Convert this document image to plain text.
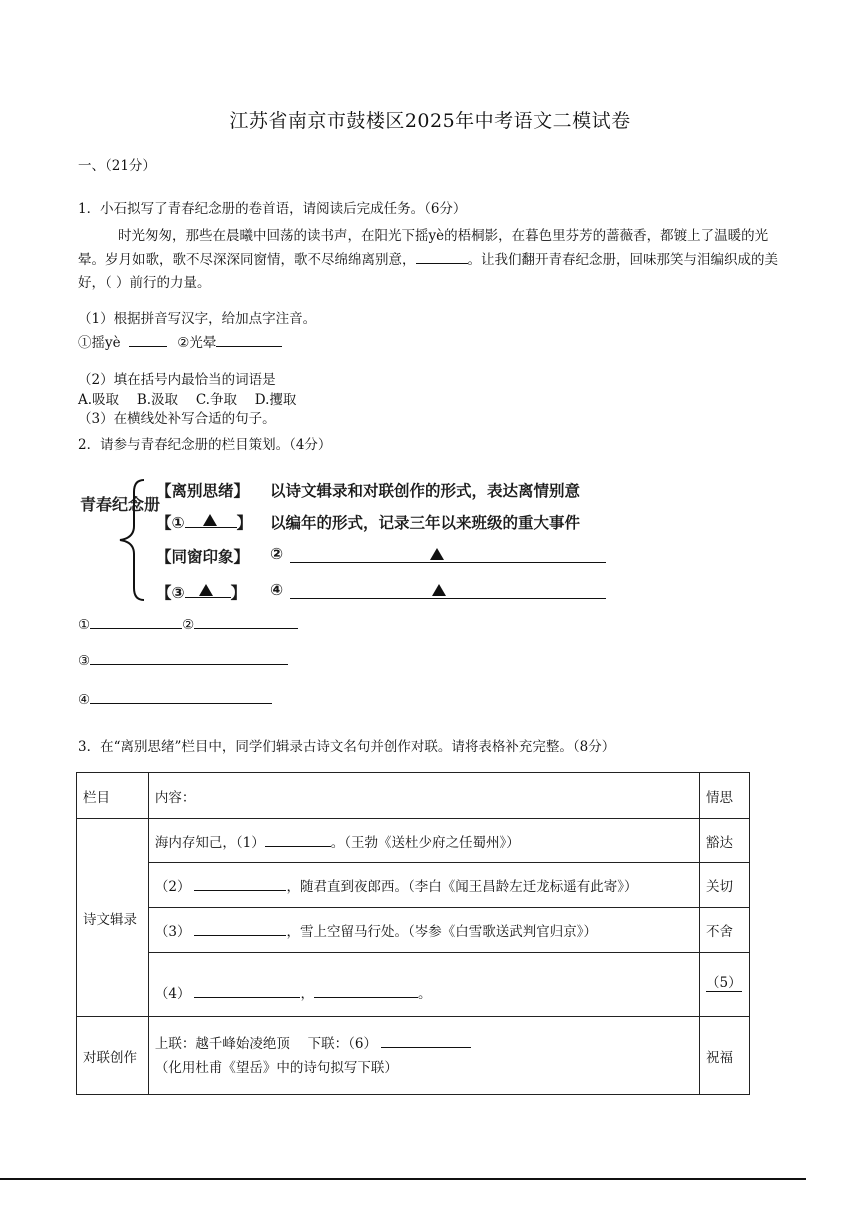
江苏省南京市鼓楼区2025年中考语文二模试卷
一、（21分）
1．小石拟写了青春纪念册的卷首语，请阅读后完成任务。（6分）
时光匆匆，那些在晨曦中回荡的读书声，在阳光下摇yè的梧桐影，在暮色里芬芳的蔷薇香，都镀上了温暖的光晕。岁月如歌，歌不尽深深同窗情，歌不尽绵绵离别意，	。让我们翻开青春纪念册，回味那笑与泪编织成的美好，（ ）前行的力量。
（1）根据拼音写汉字，给加点字注音。
①摇yè	②光晕
（2）填在括号内最恰当的词语是
A.吸取　 B.汲取　 C.争取　 D.攫取
（3）在横线处补写合适的句子。
2．请参与青春纪念册的栏目策划。（4分）
青春纪念册
【离别思绪】 以诗文辑录和对联创作的形式，表达离情别意
【①	】 以编年的形式，记录三年以来班级的重大事件
【同窗印象】 ②
【③	】 ④
①	②
③
④
3．在“离别思绪”栏目中，同学们辑录古诗文名句并创作对联。请将表格补充完整。（8分）
栏目	内容：	情思
诗文辑录	海内存知己，（1） 。（王勃《送杜少府之任蜀州》）	豁达
	（2） ，随君直到夜郎西。（李白《闻王昌龄左迁龙标遥有此寄》）	关切
	（3） ，雪上空留马行处。（岑参《白雪歌送武判官归京》）	不舍
	（4） ， 。	（5）
对联创作	上联：越千峰始凌绝顶　 下联：（6）
（化用杜甫《望岳》中的诗句拟写下联）	祝福
